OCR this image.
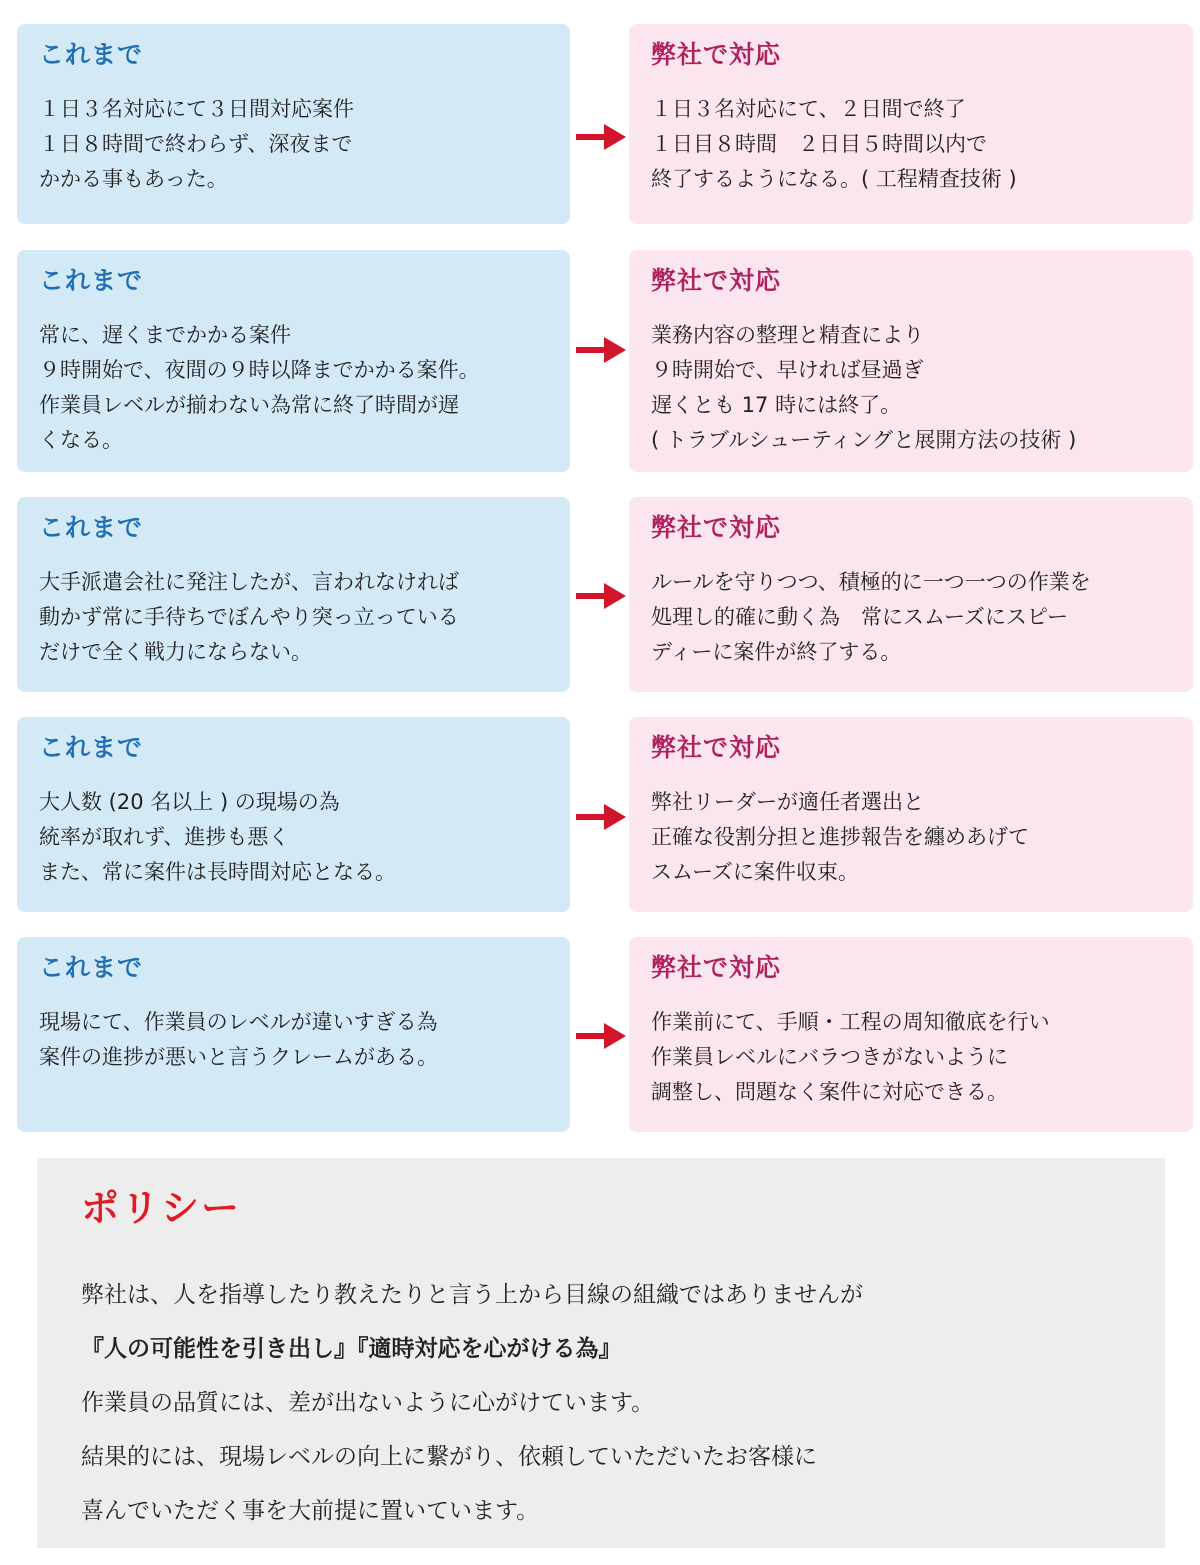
これまで
１日３名対応にて３日間対応案件
１日８時間で終わらず、深夜まで
かかる事もあった。
弊社で対応
１日３名対応にて、２日間で終了
１日目８時間　２日目５時間以内で
終了するようになる。( 工程精査技術 )
これまで
常に、遅くまでかかる案件
９時開始で、夜間の９時以降までかかる案件。
作業員レベルが揃わない為常に終了時間が遅
くなる。
弊社で対応
業務内容の整理と精査により
９時開始で、早ければ昼過ぎ
遅くとも 17 時には終了。
( トラブルシューティングと展開方法の技術 )
これまで
大手派遣会社に発注したが、言われなければ
動かず常に手待ちでぼんやり突っ立っている
だけで全く戦力にならない。
弊社で対応
ルールを守りつつ、積極的に一つ一つの作業を
処理し的確に動く為　常にスムーズにスピー
ディーに案件が終了する。
これまで
大人数 (20 名以上 ) の現場の為
統率が取れず、進捗も悪く
また、常に案件は長時間対応となる。
弊社で対応
弊社リーダーが適任者選出と
正確な役割分担と進捗報告を纏めあげて
スムーズに案件収束。
これまで
現場にて、作業員のレベルが違いすぎる為
案件の進捗が悪いと言うクレームがある。
弊社で対応
作業前にて、手順・工程の周知徹底を行い
作業員レベルにバラつきがないように
調整し、問題なく案件に対応できる。
ポリシー
弊社は、人を指導したり教えたりと言う上から目線の組織ではありませんが
『人の可能性を引き出し』『適時対応を心がける為』
作業員の品質には、差が出ないように心がけています。
結果的には、現場レベルの向上に繋がり、依頼していただいたお客様に
喜んでいただく事を大前提に置いています。
